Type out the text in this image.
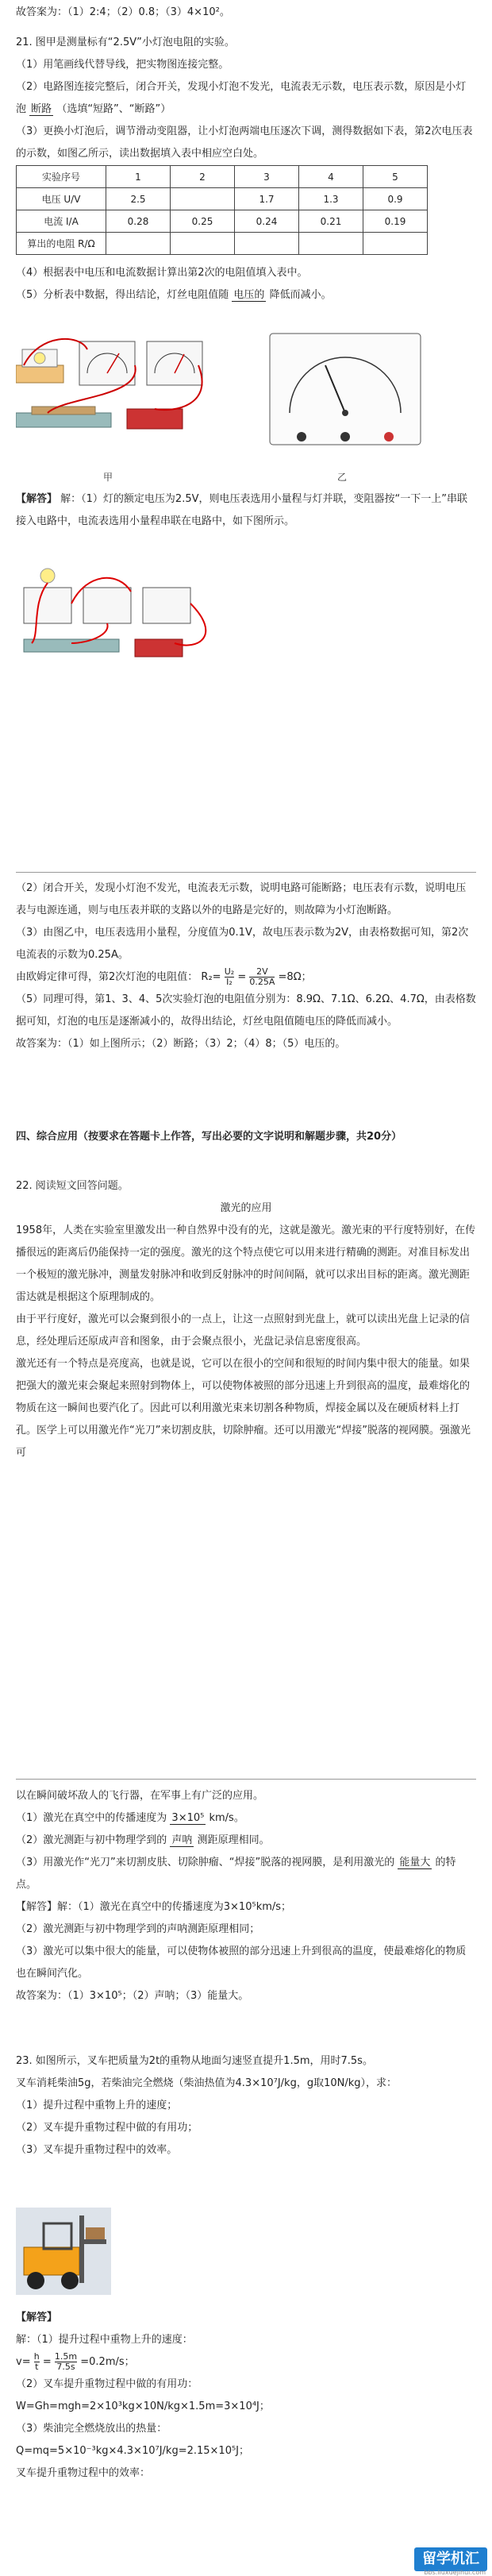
故答案为：（1）2:4；（2）0.8；（3）4×10²。
21. 图甲是测量标有“2.5V”小灯泡电阻的实验。
（1）用笔画线代替导线，把实物图连接完整。
（2）电路图连接完整后，闭合开关，发现小灯泡不发光，电流表无示数，电压表示数，原因是小灯泡 断路 （选填“短路”、“断路”）
（3）更换小灯泡后，调节滑动变阻器，让小灯泡两端电压逐次下调，测得数据如下表，第2次电压表的示数，如图乙所示，读出数据填入表中相应空白处。
实验序号	1	2	3	4	5
电压 U/V	2.5		1.7	1.3	0.9
电流 I/A	0.28	0.25	0.24	0.21	0.19
算出的电阻 R/Ω					
（4）根据表中电压和电流数据计算出第2次的电阻值填入表中。
（5）分析表中数据，得出结论，灯丝电阻值随 电压的 降低而减小。
甲	乙
【解答】 解：（1）灯的额定电压为2.5V，则电压表选用小量程与灯并联，变阻器按“一下一上”串联接入电路中，电流表选用小量程串联在电路中，如下图所示。
（2）闭合开关，发现小灯泡不发光，电流表无示数，说明电路可能断路；电压表有示数，说明电压表与电源连通，则与电压表并联的支路以外的电路是完好的，则故障为小灯泡断路。
（3）由图乙中，电压表选用小量程，分度值为0.1V，故电压表示数为2V，由表格数据可知，第2次电流表的示数为0.25A。
由欧姆定律可得，第2次灯泡的电阻值： $R_2= \frac{\text{U₂}}{\text{I₂}} = \frac{2V}{0.25A} =8\Omega$；
（5）同理可得，第1、3、4、5次实验灯泡的电阻值分别为：8.9Ω、7.1Ω、6.2Ω、4.7Ω，由表格数据可知，灯泡的电压是逐渐减小的，故得出结论，灯丝电阻值随电压的降低而减小。
故答案为：（1）如上图所示；（2）断路；（3）2；（4）8；（5）电压的。
四、综合应用（按要求在答题卡上作答，写出必要的文字说明和解题步骤，共20分）
22. 阅读短文回答问题。
激光的应用
1958年，人类在实验室里激发出一种自然界中没有的光，这就是激光。激光束的平行度特别好，在传播很远的距离后仍能保持一定的强度。激光的这个特点使它可以用来进行精确的测距。对准目标发出一个极短的激光脉冲，测量发射脉冲和收到反射脉冲的时间间隔，就可以求出目标的距离。激光测距雷达就是根据这个原理制成的。
由于平行度好，激光可以会聚到很小的一点上，让这一点照射到光盘上，就可以读出光盘上记录的信息，经处理后还原成声音和图象，由于会聚点很小，光盘记录信息密度很高。
激光还有一个特点是亮度高，也就是说，它可以在很小的空间和很短的时间内集中很大的能量。如果把强大的激光束会聚起来照射到物体上，可以使物体被照的部分迅速上升到很高的温度，最难熔化的物质在这一瞬间也要汽化了。因此可以利用激光束来切割各种物质，焊接金属以及在硬质材料上打孔。医学上可以用激光作“光刀”来切割皮肤，切除肿瘤。还可以用激光“焊接”脱落的视网膜。强激光可
以在瞬间破坏敌人的飞行器，在军事上有广泛的应用。
（1）激光在真空中的传播速度为 3×10⁵ km/s。
（2）激光测距与初中物理学到的 声呐 测距原理相同。
（3）用激光作“光刀”来切割皮肤、切除肿瘤、“焊接”脱落的视网膜，是利用激光的 能量大 的特点。
【解答】解：（1）激光在真空中的传播速度为3×10⁵km/s；
（2）激光测距与初中物理学到的声呐测距原理相同；
（3）激光可以集中很大的能量，可以使物体被照的部分迅速上升到很高的温度，使最难熔化的物质也在瞬间汽化。
故答案为：（1）3×10⁵；（2）声呐；（3）能量大。
23. 如图所示，叉车把质量为2t的重物从地面匀速竖直提升1.5m，用时7.5s。
叉车消耗柴油5g，若柴油完全燃烧（柴油热值为4.3×10⁷J/kg，g取10N/kg），求：
（1）提升过程中重物上升的速度；
（2）叉车提升重物过程中做的有用功；
（3）叉车提升重物过程中的效率。
【解答】
解：（1）提升过程中重物上升的速度：
$v= \frac{h}{t} = \frac{1.5m}{7.5s} =0.2m/s$；
（2）叉车提升重物过程中做的有用功：
W=Gh=mgh=2×10³kg×10N/kg×1.5m=3×10⁴J；
（3）柴油完全燃烧放出的热量：
Q=mq=5×10⁻³kg×4.3×10⁷J/kg=2.15×10⁵J；
叉车提升重物过程中的效率：
留学机汇
bbs.liuxuejihui.com
